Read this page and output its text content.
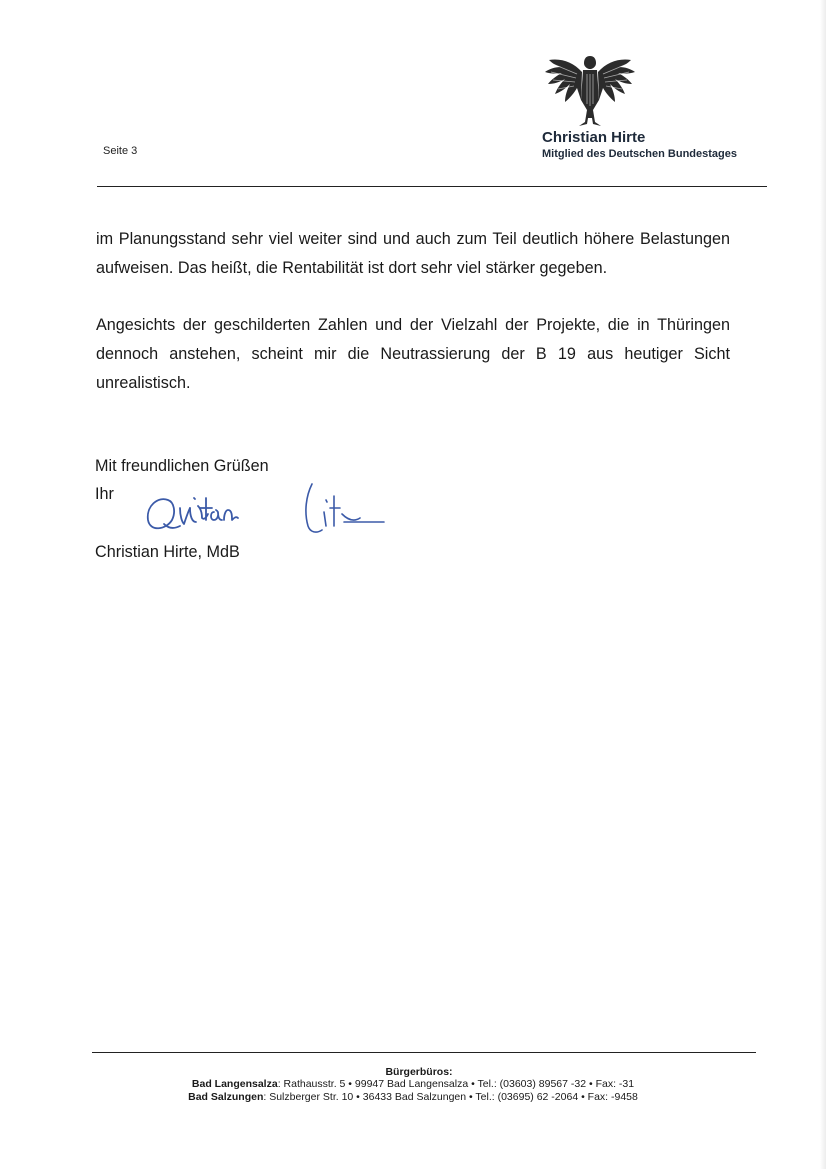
Seite 3
Christian Hirte
Mitglied des Deutschen Bundestages
im Planungsstand sehr viel weiter sind und auch zum Teil deutlich höhere Belastungen aufweisen. Das heißt, die Rentabilität ist dort sehr viel stärker gegeben.
Angesichts der geschilderten Zahlen und der Vielzahl der Projekte, die in Thüringen dennoch anstehen, scheint mir die Neutrassierung der B 19 aus heutiger Sicht unrealistisch.
Mit freundlichen Grüßen
Ihr
Christian Hirte, MdB
Bürgerbüros:
Bad Langensalza: Rathausstr. 5 • 99947 Bad Langensalza • Tel.: (03603) 89567 -32 • Fax: -31
Bad Salzungen: Sulzberger Str. 10 • 36433 Bad Salzungen • Tel.: (03695) 62 -2064 • Fax: -9458
